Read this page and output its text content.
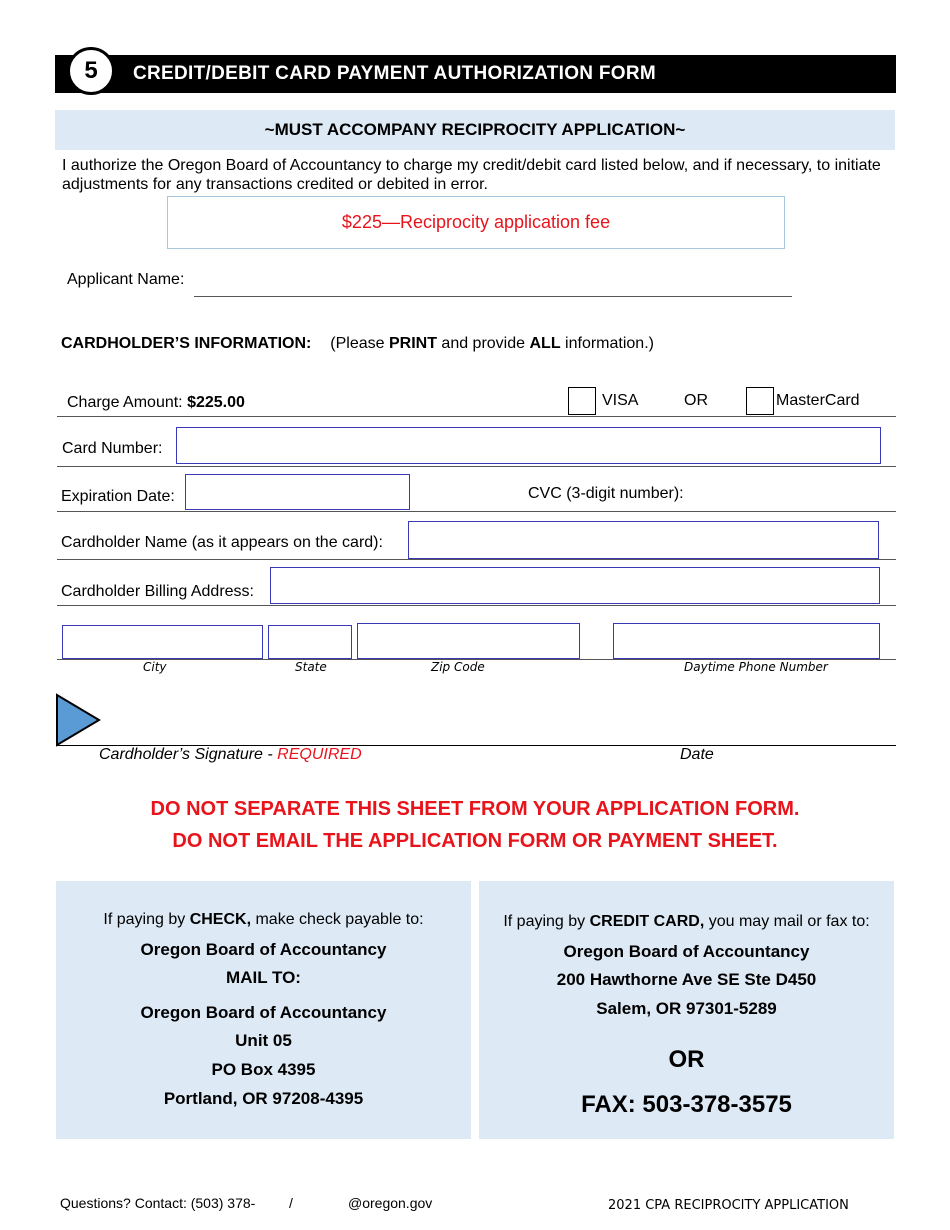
5	CREDIT/DEBIT CARD PAYMENT AUTHORIZATION FORM
~MUST ACCOMPANY RECIPROCITY APPLICATION~
I authorize the Oregon Board of Accountancy to charge my credit/debit card listed below, and if necessary, to initiate adjustments for any transactions credited or debited in error.
$225—Reciprocity application fee
Applicant Name:
CARDHOLDER’S INFORMATION: (Please PRINT and provide ALL information.)
Charge Amount: $225.00	VISA	OR	MasterCard
Card Number:
Expiration Date:	CVC (3-digit number):
Cardholder Name (as it appears on the card):
Cardholder Billing Address:
City	State	Zip Code	Daytime Phone Number
Cardholder’s Signature - REQUIRED	Date
DO NOT SEPARATE THIS SHEET FROM YOUR APPLICATION FORM.
DO NOT EMAIL THE APPLICATION FORM OR PAYMENT SHEET.
If paying by CHECK, make check payable to:
Oregon Board of Accountancy
MAIL TO:
Oregon Board of Accountancy
Unit 05
PO Box 4395
Portland, OR 97208-4395
If paying by CREDIT CARD, you may mail or fax to:
Oregon Board of Accountancy
200 Hawthorne Ave SE Ste D450
Salem, OR 97301-5289
OR
FAX: 503-378-3575
Questions? Contact: (503) 378- /	@oregon.gov	2021 CPA RECIPROCITY APPLICATION
